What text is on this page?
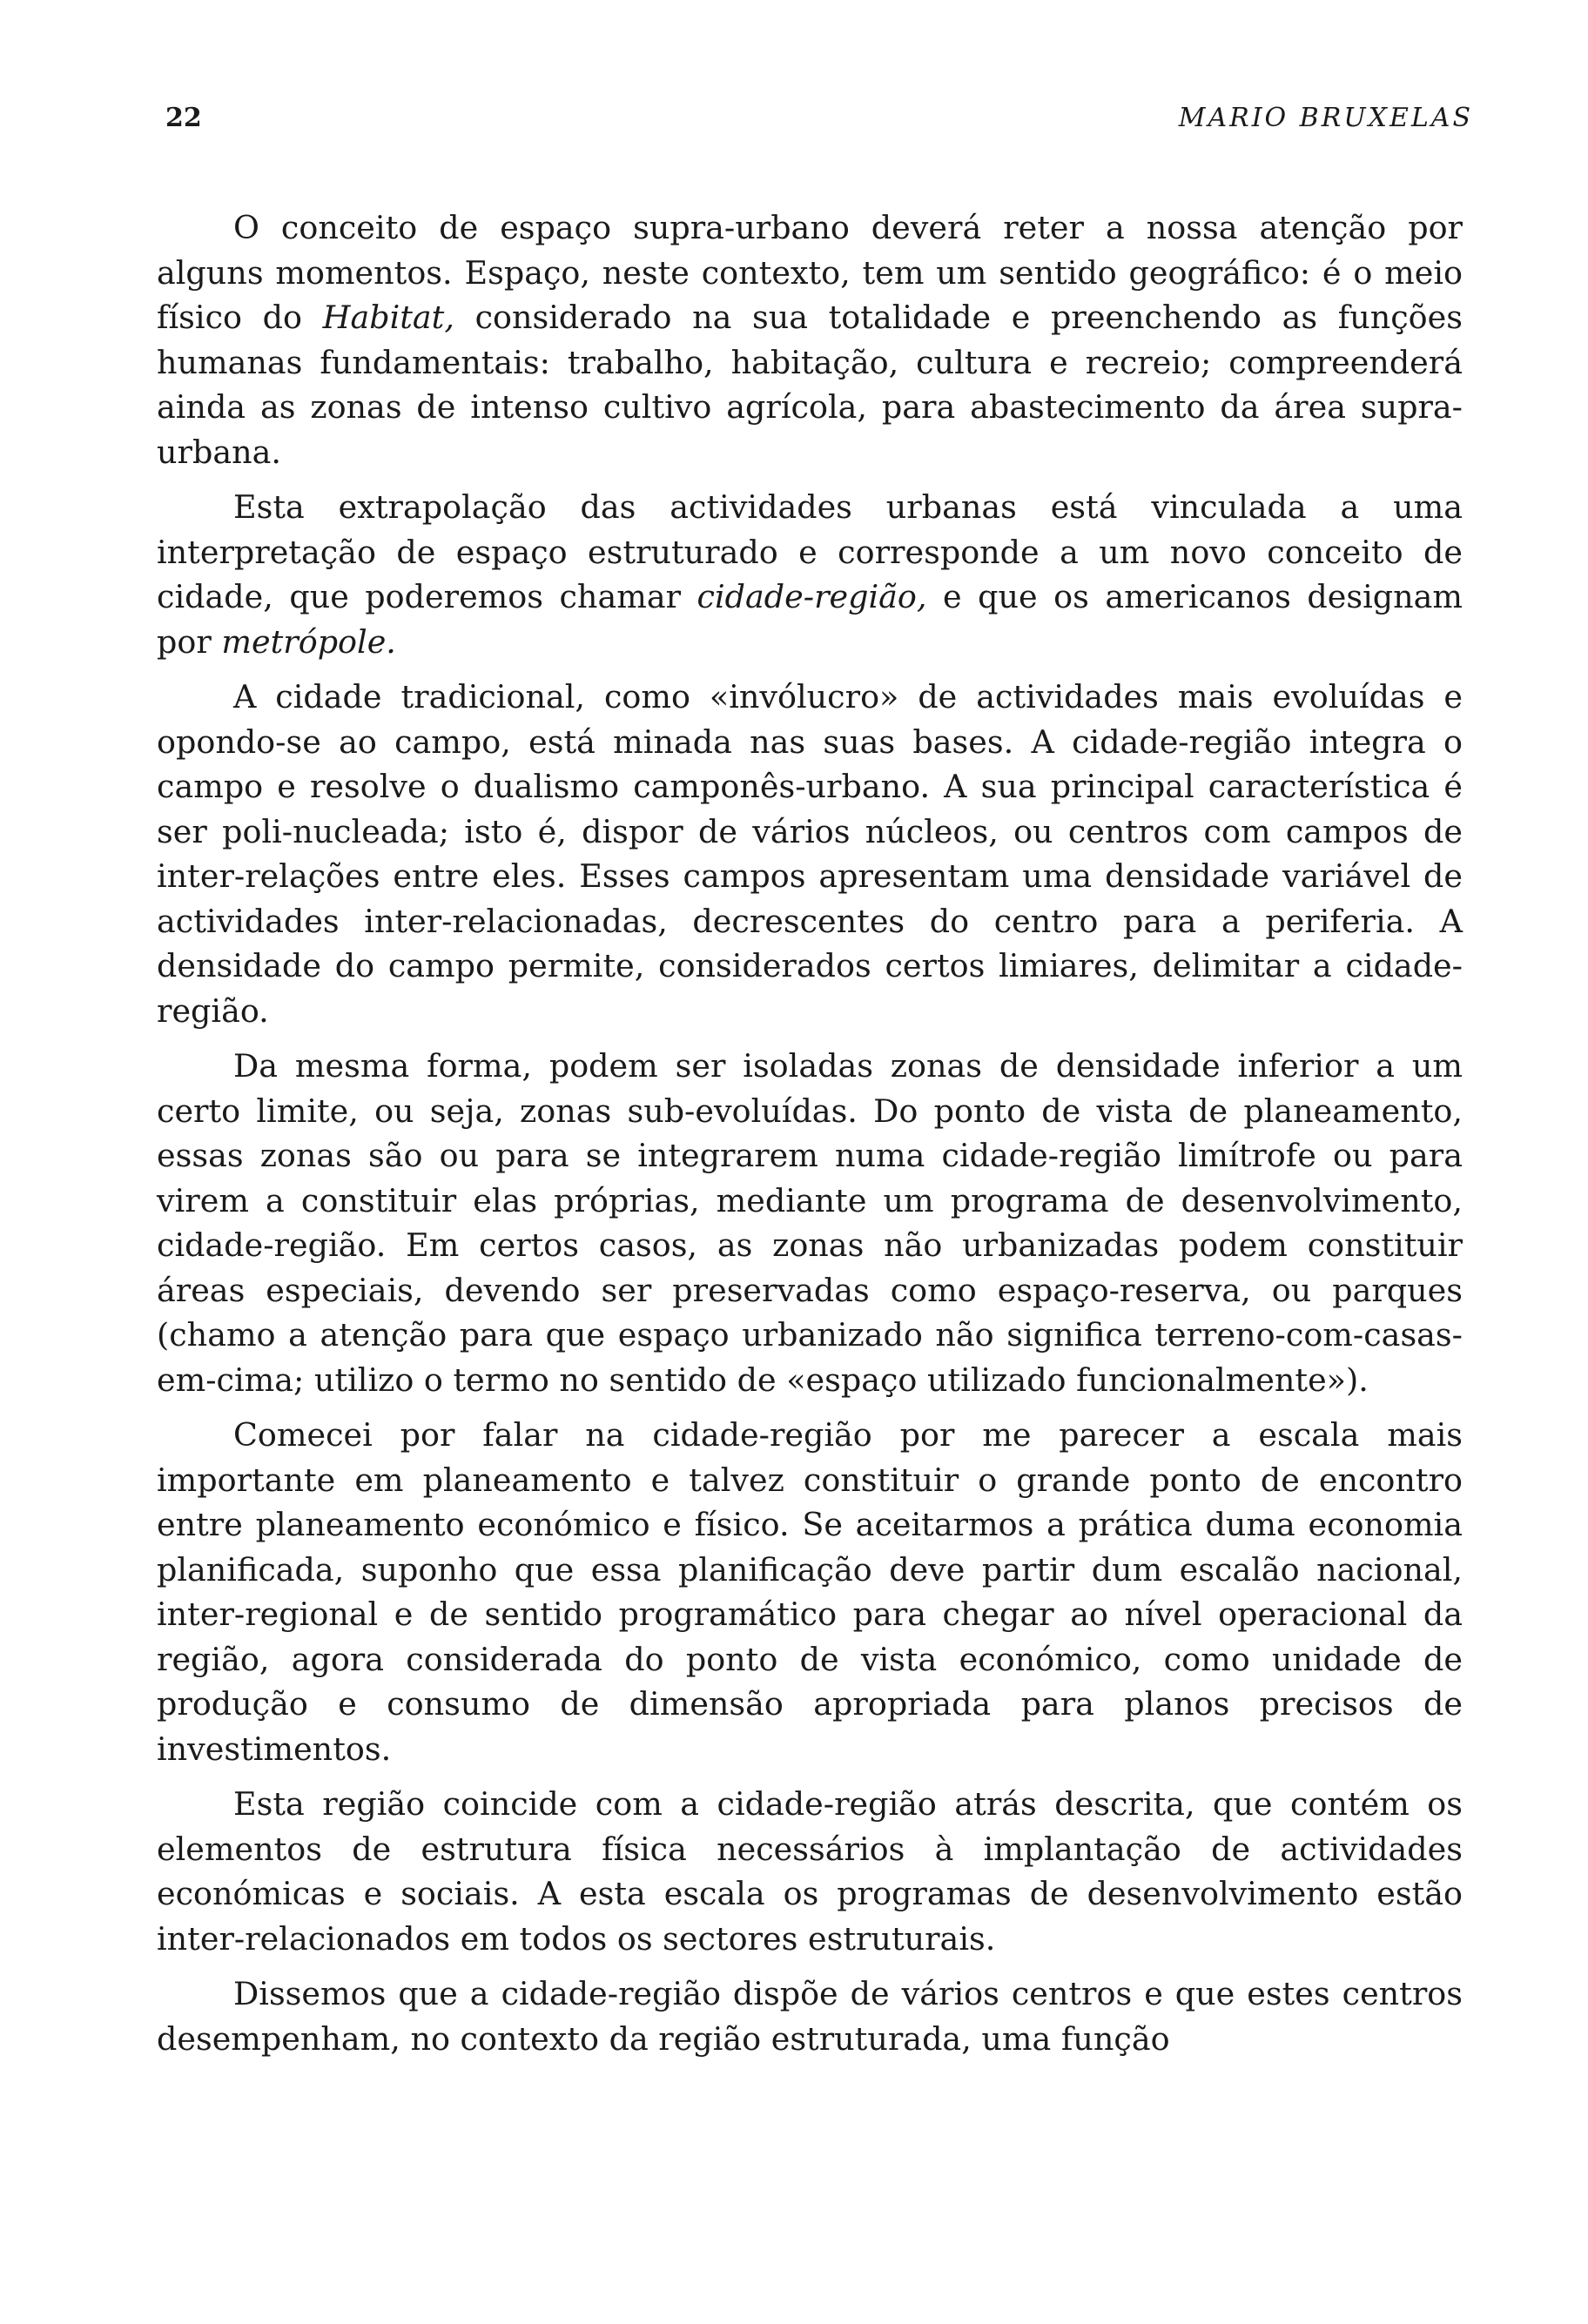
22	MARIO BRUXELAS

O conceito de espaço supra-urbano deverá reter a nossa atenção por alguns momentos. Espaço, neste contexto, tem um sentido geográfico: é o meio físico do Habitat, considerado na sua totalidade e preenchendo as funções humanas fundamentais: trabalho, habitação, cultura e recreio; compreenderá ainda as zonas de intenso cultivo agrícola, para abastecimento da área supra-urbana.

Esta extrapolação das actividades urbanas está vinculada a uma interpretação de espaço estruturado e corresponde a um novo conceito de cidade, que poderemos chamar cidade-região, e que os americanos designam por metrópole.

A cidade tradicional, como «invólucro» de actividades mais evoluídas e opondo-se ao campo, está minada nas suas bases. A cidade-região integra o campo e resolve o dualismo camponês-urbano. A sua principal característica é ser poli-nucleada; isto é, dispor de vários núcleos, ou centros com campos de inter-relações entre eles. Esses campos apresentam uma densidade variável de actividades inter-relacionadas, decrescentes do centro para a periferia. A densidade do campo permite, considerados certos limiares, delimitar a cidade-região.

Da mesma forma, podem ser isoladas zonas de densidade inferior a um certo limite, ou seja, zonas sub-evoluídas. Do ponto de vista de planeamento, essas zonas são ou para se integrarem numa cidade-região limítrofe ou para virem a constituir elas próprias, mediante um programa de desenvolvimento, cidade-região. Em certos casos, as zonas não urbanizadas podem constituir áreas especiais, devendo ser preservadas como espaço-reserva, ou parques (chamo a atenção para que espaço urbanizado não significa terreno-com-casas-em-cima; utilizo o termo no sentido de «espaço utilizado funcionalmente»).

Comecei por falar na cidade-região por me parecer a escala mais importante em planeamento e talvez constituir o grande ponto de encontro entre planeamento económico e físico. Se aceitarmos a prática duma economia planificada, suponho que essa planificação deve partir dum escalão nacional, inter-regional e de sentido programático para chegar ao nível operacional da região, agora considerada do ponto de vista económico, como unidade de produção e consumo de dimensão apropriada para planos precisos de investimentos.

Esta região coincide com a cidade-região atrás descrita, que contém os elementos de estrutura física necessários à implantação de actividades económicas e sociais. A esta escala os programas de desenvolvimento estão inter-relacionados em todos os sectores estruturais.

Dissemos que a cidade-região dispõe de vários centros e que estes centros desempenham, no contexto da região estruturada, uma função
